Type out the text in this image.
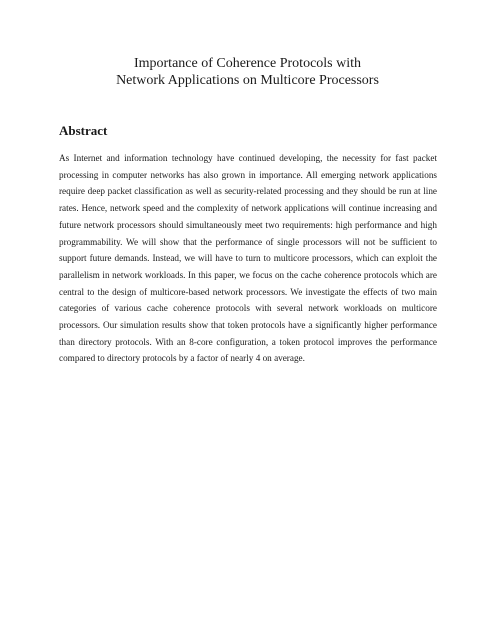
Importance of Coherence Protocols with
Network Applications on Multicore Processors
Abstract

As Internet and information technology have continued developing, the necessity for fast packet processing in computer networks has also grown in importance. All emerging network applications require deep packet classification as well as security-related processing and they should be run at line rates. Hence, network speed and the complexity of network applications will continue increasing and future network processors should simultaneously meet two requirements: high performance and high programmability. We will show that the performance of single processors will not be sufficient to support future demands. Instead, we will have to turn to multicore processors, which can exploit the parallelism in network workloads. In this paper, we focus on the cache coherence protocols which are central to the design of multicore-based network processors. We investigate the effects of two main categories of various cache coherence protocols with several network workloads on multicore processors. Our simulation results show that token protocols have a significantly higher performance than directory protocols. With an 8-core configuration, a token protocol improves the performance compared to directory protocols by a factor of nearly 4 on average.
